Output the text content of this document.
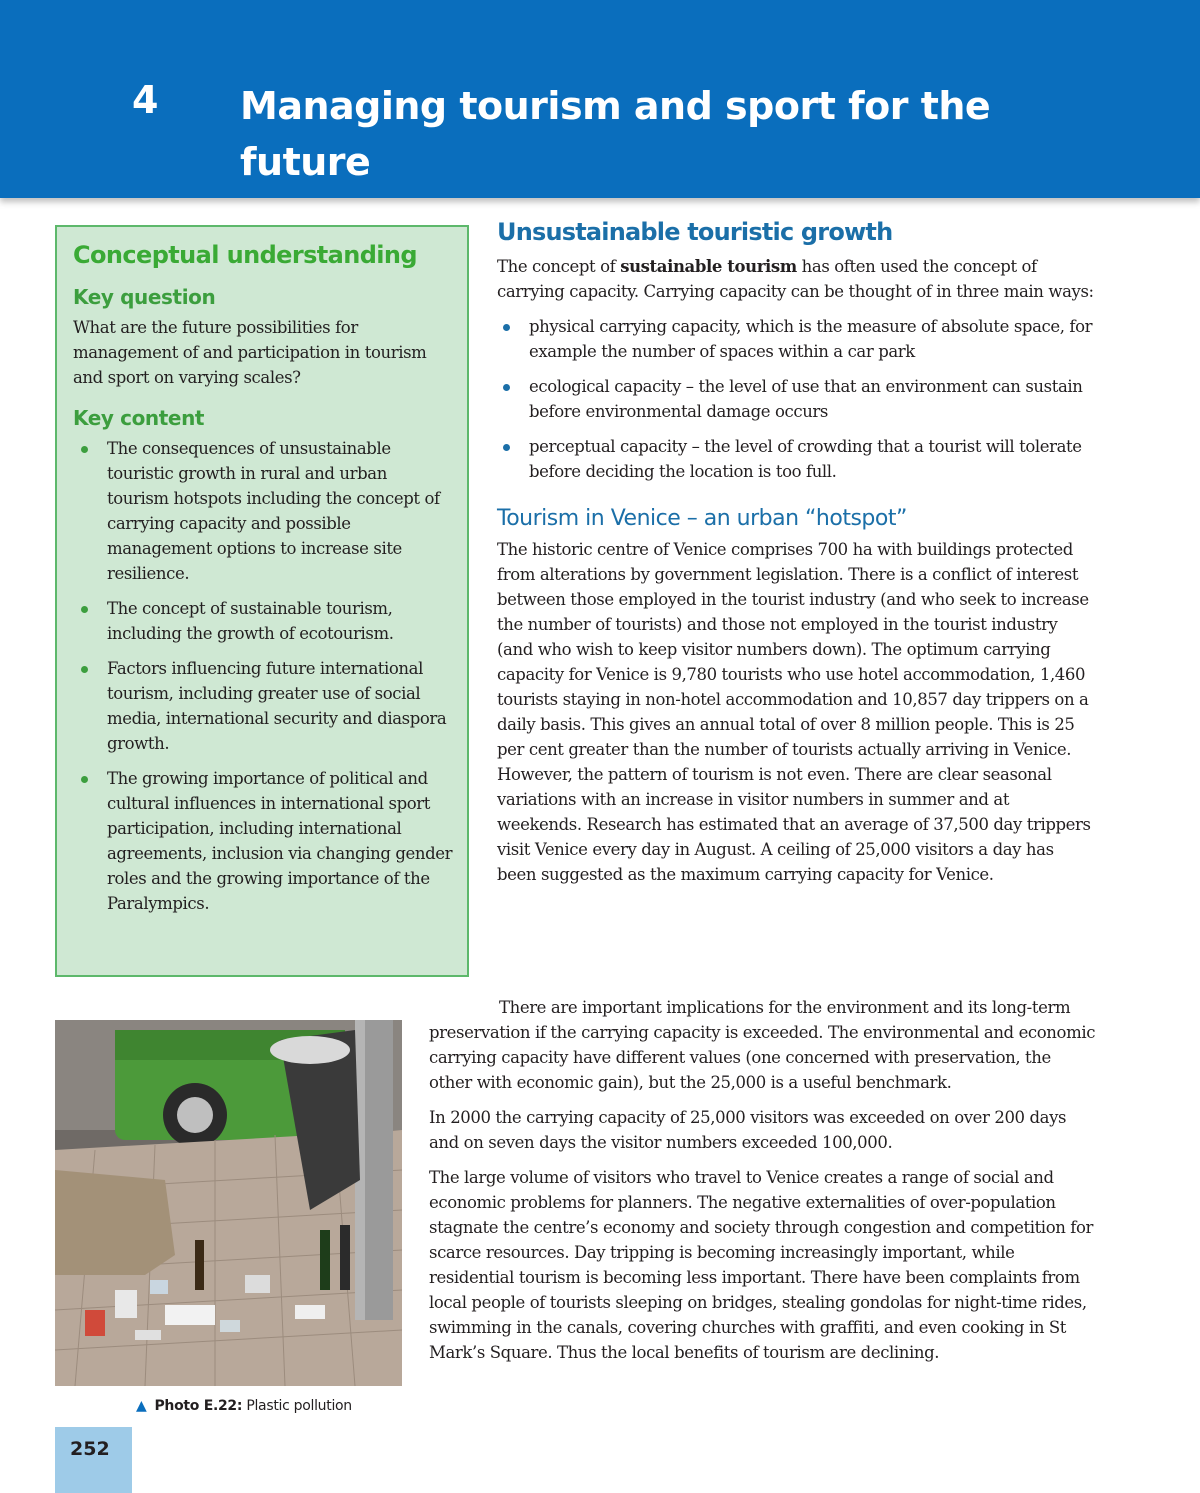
4 Managing tourism and sport for the future
Conceptual understanding
Key question

What are the future possibilities for management of and participation in tourism and sport on varying scales?

Key content
The consequences of unsustainable touristic growth in rural and urban tourism hotspots including the concept of carrying capacity and possible management options to increase site resilience.
The concept of sustainable tourism, including the growth of ecotourism.
Factors influencing future international tourism, including greater use of social media, international security and diaspora growth.
The growing importance of political and cultural influences in international sport participation, including international agreements, inclusion via changing gender roles and the growing importance of the Paralympics.
Unsustainable touristic growth

The concept of sustainable tourism has often used the concept of carrying capacity. Carrying capacity can be thought of in three main ways:

physical carrying capacity, which is the measure of absolute space, for example the number of spaces within a car park
ecological capacity – the level of use that an environment can sustain before environmental damage occurs
perceptual capacity – the level of crowding that a tourist will tolerate before deciding the location is too full.
Tourism in Venice – an urban “hotspot”

The historic centre of Venice comprises 700 ha with buildings protected from alterations by government legislation. There is a conflict of interest between those employed in the tourist industry (and who seek to increase the number of tourists) and those not employed in the tourist industry (and who wish to keep visitor numbers down). The optimum carrying capacity for Venice is 9,780 tourists who use hotel accommodation, 1,460 tourists staying in non-hotel accommodation and 10,857 day trippers on a daily basis. This gives an annual total of over 8 million people. This is 25 per cent greater than the number of tourists actually arriving in Venice. However, the pattern of tourism is not even. There are clear seasonal variations with an increase in visitor numbers in summer and at weekends. Research has estimated that an average of 37,500 day trippers visit Venice every day in August. A ceiling of 25,000 visitors a day has been suggested as the maximum carrying capacity for Venice.

There are important implications for the environment and its long-term preservation if the carrying capacity is exceeded. The environmental and economic carrying capacity have different values (one concerned with preservation, the other with economic gain), but the 25,000 is a useful benchmark.

In 2000 the carrying capacity of 25,000 visitors was exceeded on over 200 days and on seven days the visitor numbers exceeded 100,000.

The large volume of visitors who travel to Venice creates a range of social and economic problems for planners. The negative externalities of over-population stagnate the centre’s economy and society through congestion and competition for scarce resources. Day tripping is becoming increasingly important, while residential tourism is becoming less important. There have been complaints from local people of tourists sleeping on bridges, stealing gondolas for night-time rides, swimming in the canals, covering churches with graffiti, and even cooking in St Mark’s Square. Thus the local benefits of tourism are declining.

▲ Photo E.22: Plastic pollution
252
